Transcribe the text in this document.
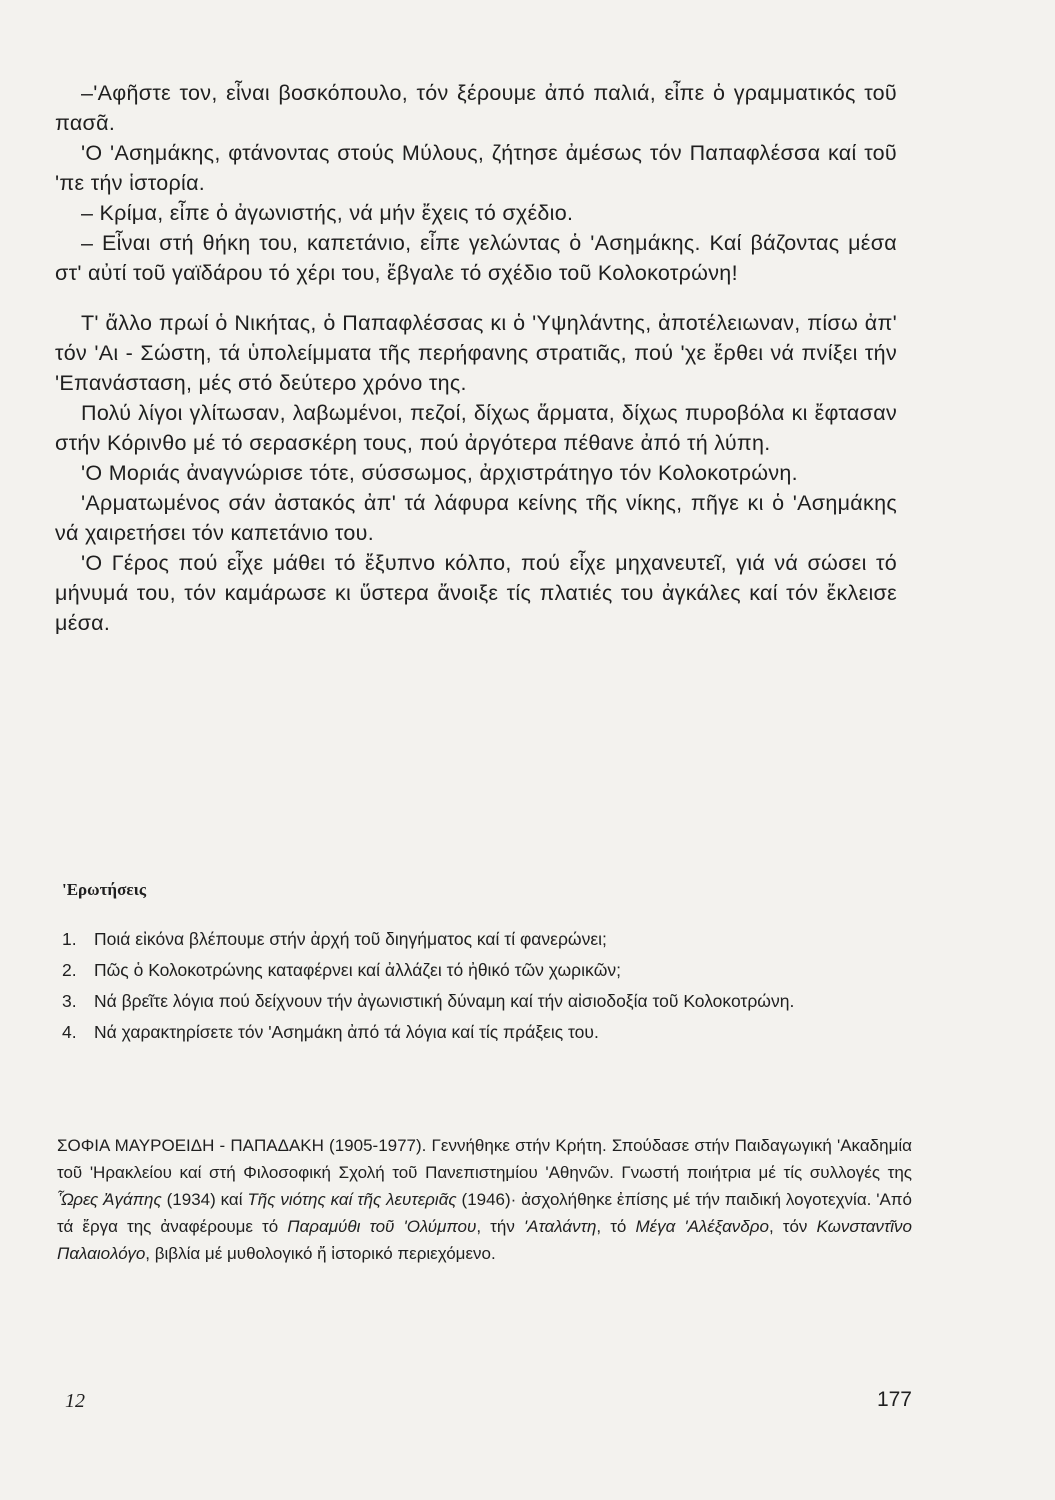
–'Αφῆστε τον, εἶναι βοσκόπουλο, τόν ξέρουμε ἀπό παλιά, εἶπε ὁ γραμματικός τοῦ πασᾶ.

'Ο 'Ασημάκης, φτάνοντας στούς Μύλους, ζήτησε ἀμέσως τόν Παπαφλέσσα καί τοῦ 'πε τήν ἱστορία.

– Κρίμα, εἶπε ὁ ἀγωνιστής, νά μήν ἔχεις τό σχέδιο.

– Εἶναι στή θήκη του, καπετάνιο, εἶπε γελώντας ὁ 'Ασημάκης. Καί βάζοντας μέσα στ' αὐτί τοῦ γαϊδάρου τό χέρι του, ἔβγαλε τό σχέδιο τοῦ Κολοκοτρώνη!

Τ' ἄλλο πρωί ὁ Νικήτας, ὁ Παπαφλέσσας κι ὁ 'Υψηλάντης, ἀποτέλειωναν, πίσω ἀπ' τόν 'Αι - Σώστη, τά ὑπολείμματα τῆς περήφανης στρατιᾶς, πού 'χε ἔρθει νά πνίξει τήν 'Επανάσταση, μές στό δεύτερο χρόνο της.

Πολύ λίγοι γλίτωσαν, λαβωμένοι, πεζοί, δίχως ἅρματα, δίχως πυροβόλα κι ἔφτασαν στήν Κόρινθο μέ τό σερασκέρη τους, πού ἀργότερα πέθανε ἀπό τή λύπη.

'Ο Μοριάς ἀναγνώρισε τότε, σύσσωμος, ἀρχιστράτηγο τόν Κολοκοτρώνη.

'Αρματωμένος σάν ἀστακός ἀπ' τά λάφυρα κείνης τῆς νίκης, πῆγε κι ὁ 'Ασημάκης νά χαιρετήσει τόν καπετάνιο του.

'Ο Γέρος πού εἶχε μάθει τό ἔξυπνο κόλπο, πού εἶχε μηχανευτεῖ, γιά νά σώσει τό μήνυμά του, τόν καμάρωσε κι ὕστερα ἄνοιξε τίς πλατιές του ἀγκάλες καί τόν ἔκλεισε μέσα.

'Ερωτήσεις
1. Ποιά εἰκόνα βλέπουμε στήν ἀρχή τοῦ διηγήματος καί τί φανερώνει;
2. Πῶς ὁ Κολοκοτρώνης καταφέρνει καί ἀλλάζει τό ἠθικό τῶν χωρικῶν;
3. Νά βρεῖτε λόγια πού δείχνουν τήν ἀγωνιστική δύναμη καί τήν αἰσιοδοξία τοῦ Κολοκοτρώνη.
4. Νά χαρακτηρίσετε τόν 'Ασημάκη ἀπό τά λόγια καί τίς πράξεις του.

ΣΟΦΙΑ ΜΑΥΡΟΕΙΔΗ - ΠΑΠΑΔΑΚΗ (1905-1977). Γεννήθηκε στήν Κρήτη. Σπούδασε στήν Παιδαγωγική 'Ακαδημία τοῦ 'Ηρακλείου καί στή Φιλοσοφική Σχολή τοῦ Πανεπιστημίου 'Αθηνῶν. Γνωστή ποιήτρια μέ τίς συλλογές της Ὧρες Ἀγάπης (1934) καί Τῆς νιότης καί τῆς λευτεριᾶς (1946)· ἀσχολήθηκε ἐπίσης μέ τήν παιδική λογοτεχνία. 'Από τά ἔργα της ἀναφέρουμε τό Παραμύθι τοῦ 'Ολύμπου, τήν 'Αταλάντη, τό Μέγα 'Αλέξανδρο, τόν Κωνσταντῖνο Παλαιολόγο, βιβλία μέ μυθολογικό ἤ ἱστορικό περιεχόμενο.

12	177
